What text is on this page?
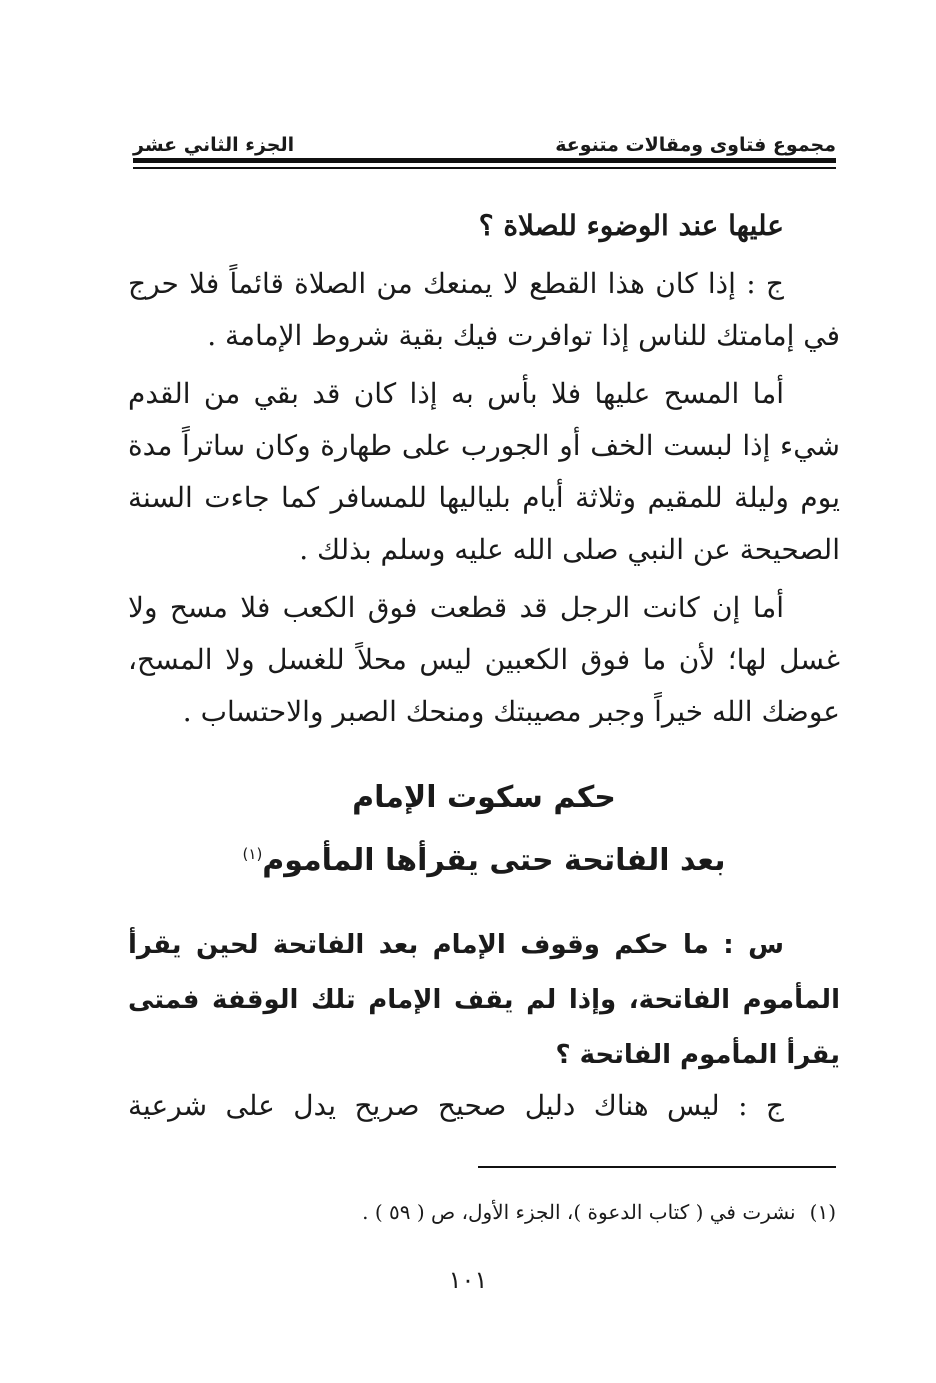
مجموع فتاوى ومقالات متنوعة
الجزء الثاني عشر

عليها عند الوضوء للصلاة ؟

ج : إذا كان هذا القطع لا يمنعك من الصلاة قائماً فلا حرج في إمامتك للناس إذا توافرت فيك بقية شروط الإمامة .

أما المسح عليها فلا بأس به إذا كان قد بقي من القدم شيء إذا لبست الخف أو الجورب على طهارة وكان ساتراً مدة يوم وليلة للمقيم وثلاثة أيام بلياليها للمسافر كما جاءت السنة الصحيحة عن النبي صلى الله عليه وسلم بذلك .

أما إن كانت الرجل قد قطعت فوق الكعب فلا مسح ولا غسل لها؛ لأن ما فوق الكعبين ليس محلاً للغسل ولا المسح، عوضك الله خيراً وجبر مصيبتك ومنحك الصبر والاحتساب .

حكم سكوت الإمام
بعد الفاتحة حتى يقرأها المأموم$^{(١)}$
س : ما حكم وقوف الإمام بعد الفاتحة لحين يقرأ المأموم الفاتحة، وإذا لم يقف الإمام تلك الوقفة فمتى يقرأ المأموم الفاتحة ؟
ج : ليس هناك دليل صحيح صريح يدل على شرعية
(١)نشرت في ( كتاب الدعوة )، الجزء الأول، ص ( ٥٩ ) .
١٠١
